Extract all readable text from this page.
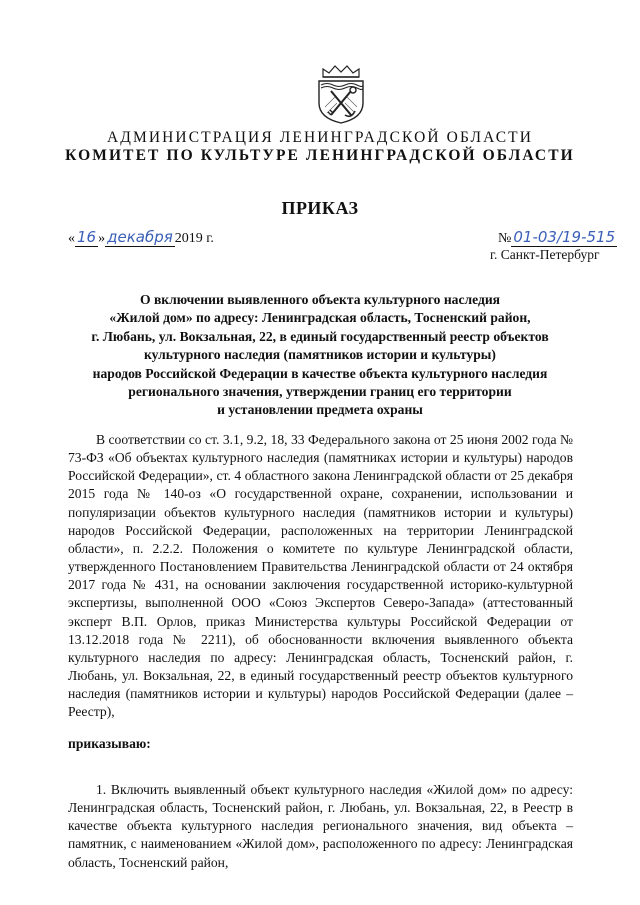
АДМИНИСТРАЦИЯ ЛЕНИНГРАДСКОЙ ОБЛАСТИ
КОМИТЕТ ПО КУЛЬТУРЕ ЛЕНИНГРАДСКОЙ ОБЛАСТИ
ПРИКАЗ
« 16 » декабря 2019 г.	№ 01-03/19-515
г. Санкт-Петербург
О включении выявленного объекта культурного наследия
«Жилой дом» по адресу: Ленинградская область, Тосненский район,
г. Любань, ул. Вокзальная, 22, в единый государственный реестр объектов
культурного наследия (памятников истории и культуры)
народов Российской Федерации в качестве объекта культурного наследия
регионального значения, утверждении границ его территории
и установлении предмета охраны

В соответствии со ст. 3.1, 9.2, 18, 33 Федерального закона от 25 июня 2002 года № 73-ФЗ «Об объектах культурного наследия (памятниках истории и культуры) народов Российской Федерации», ст. 4 областного закона Ленинградской области от 25 декабря 2015 года № 140-оз «О государственной охране, сохранении, использовании и популяризации объектов культурного наследия (памятников истории и культуры) народов Российской Федерации, расположенных на территории Ленинградской области», п. 2.2.2. Положения о комитете по культуре Ленинградской области, утвержденного Постановлением Правительства Ленинградской области от 24 октября 2017 года № 431, на основании заключения государственной историко-культурной экспертизы, выполненной ООО «Союз Экспертов Северо-Запада» (аттестованный эксперт В.П. Орлов, приказ Министерства культуры Российской Федерации от 13.12.2018 года № 2211), об обоснованности включения выявленного объекта культурного наследия по адресу: Ленинградская область, Тосненский район, г. Любань, ул. Вокзальная, 22, в единый государственный реестр объектов культурного наследия (памятников истории и культуры) народов Российской Федерации (далее – Реестр),

приказываю:

1. Включить выявленный объект культурного наследия «Жилой дом» по адресу: Ленинградская область, Тосненский район, г. Любань, ул. Вокзальная, 22, в Реестр в качестве объекта культурного наследия регионального значения, вид объекта – памятник, с наименованием «Жилой дом», расположенного по адресу: Ленинградская область, Тосненский район,
